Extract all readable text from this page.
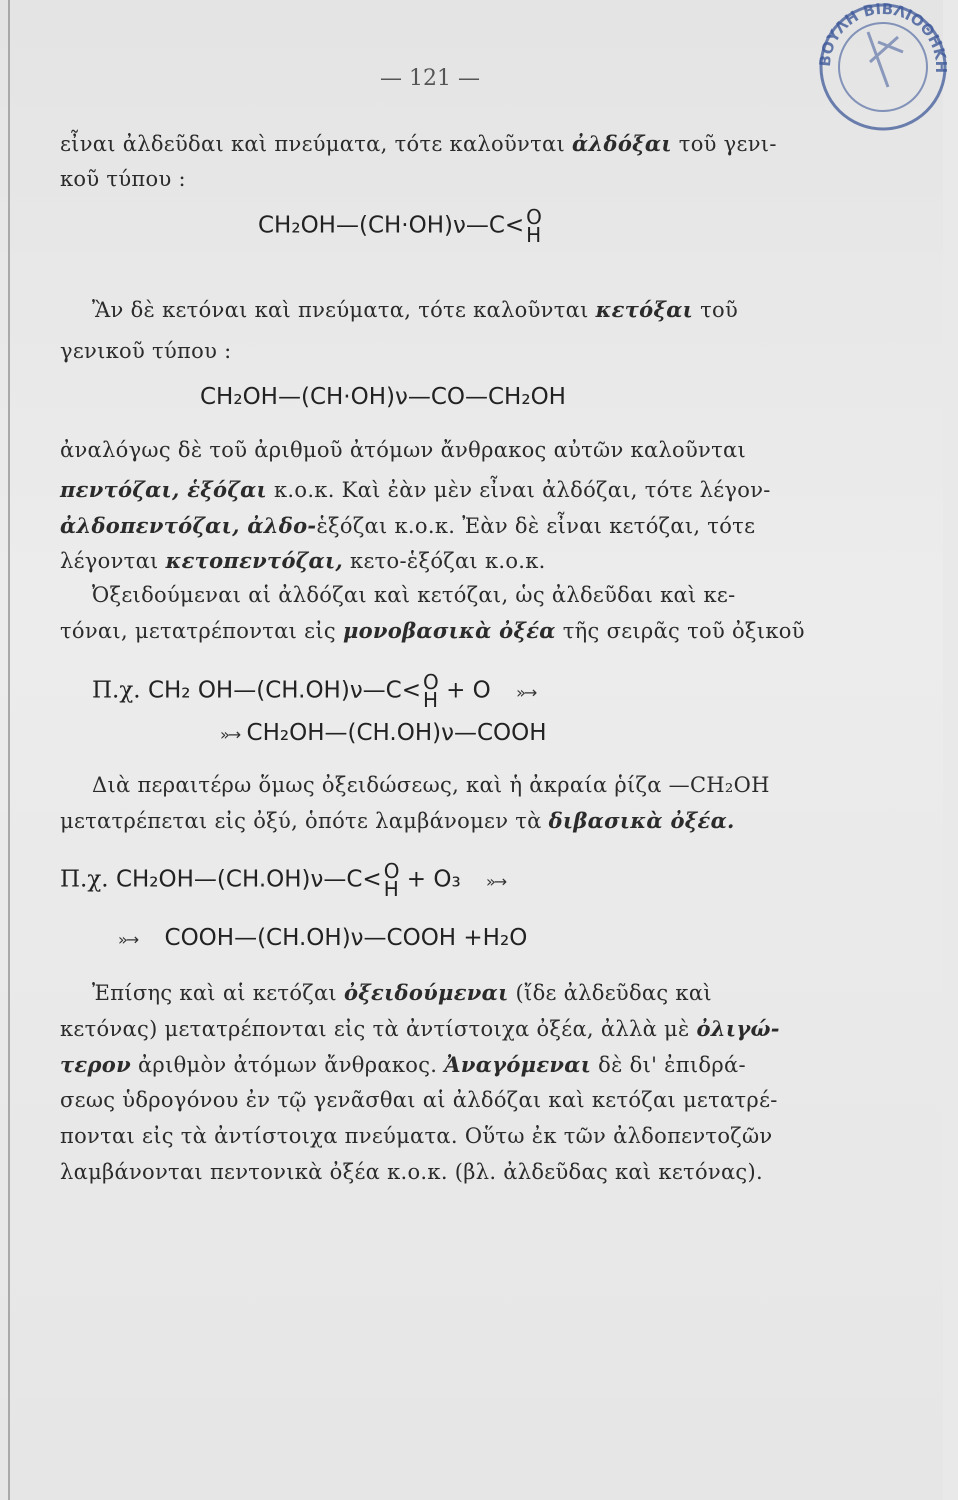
— 121 —
ΒΟΥΛΗ ΒΙΒΛΙΟΘΗΚΗ
εἶναι ἀλδεῦδαι καὶ πνεύματα, τότε καλοῦνται ἀλδόξαι τοῦ γενι-
κοῦ τύπου :
CH₂OH—(CH·OH)ν—C< O
H
Ἂν δὲ κετόναι καὶ πνεύματα, τότε καλοῦνται κετόξαι τοῦ
γενικοῦ τύπου :
CH₂OH—(CH·OH)ν—CO—CH₂OH
ἀναλόγως δὲ τοῦ ἀριθμοῦ ἀτόμων ἄνθρακος αὐτῶν καλοῦνται
πεντόζαι, ἑξόζαι κ.ο.κ. Καὶ ἐὰν μὲν εἶναι ἀλδόζαι, τότε λέγον-
ἀλδοπεντόζαι, ἀλδο-ἑξόζαι κ.ο.κ. Ἐὰν δὲ εἶναι κετόζαι, τότε
λέγονται κετοπεντόζαι, κετο-ἑξόζαι κ.ο.κ.
Ὀξειδούμεναι αἱ ἀλδόζαι καὶ κετόζαι, ὡς ἀλδεῦδαι καὶ κε-
τόναι, μετατρέπονται εἰς μονοβασικὰ ὀξέα τῆς σειρᾶς τοῦ ὀξικοῦ
Π.χ. CH₂ OH—(CH.OH)ν—C< O
H + O »→
»→ CH₂OH—(CH.OH)ν—COOH
Διὰ περαιτέρω ὅμως ὀξειδώσεως, καὶ ἡ ἀκραία ῥίζα —CH₂OH
μετατρέπεται εἰς ὀξύ, ὁπότε λαμβάνομεν τὰ διβασικὰ ὀξέα.
Π.χ. CH₂OH—(CH.OH)ν—C< O
H + O₃ »→
»→ COOH—(CH.OH)ν—COOH +H₂O
Ἐπίσης καὶ αἱ κετόζαι ὀξειδούμεναι (ἴδε ἀλδεῦδας καὶ
κετόνας) μετατρέπονται εἰς τὰ ἀντίστοιχα ὀξέα, ἀλλὰ μὲ ὀλιγώ-
τερον ἀριθμὸν ἀτόμων ἄνθρακος. Ἀναγόμεναι δὲ δι' ἐπιδρά-
σεως ὑδρογόνου ἐν τῷ γενᾶσθαι αἱ ἀλδόζαι καὶ κετόζαι μετατρέ-
πονται εἰς τὰ ἀντίστοιχα πνεύματα. Οὕτω ἐκ τῶν ἀλδοπεντοζῶν
λαμβάνονται πεντονικὰ ὀξέα κ.ο.κ. (βλ. ἀλδεῦδας καὶ κετόνας).
